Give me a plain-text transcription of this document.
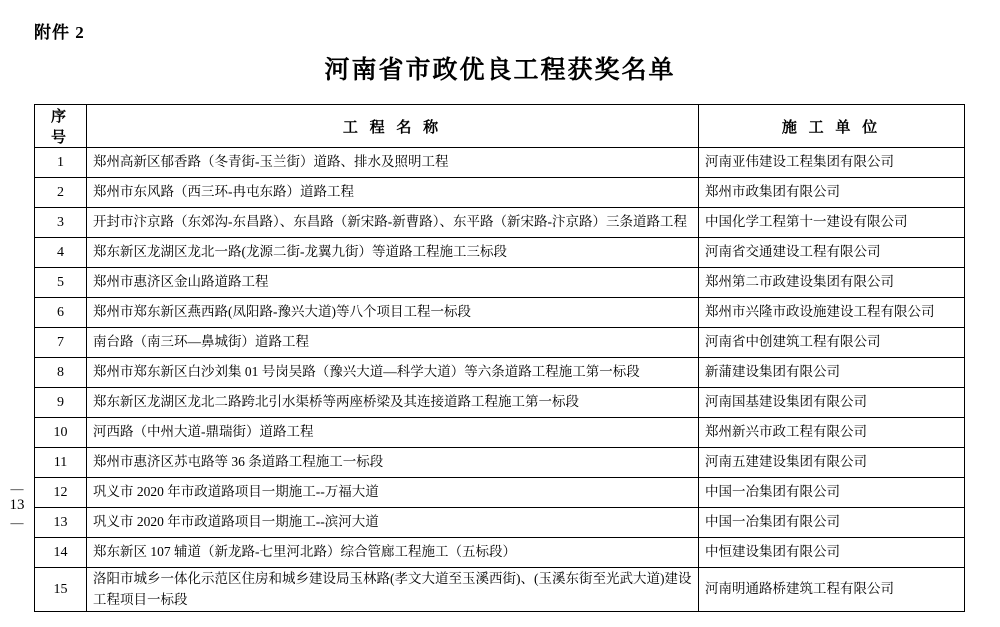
附件 2
河南省市政优良工程获奖名单
—
13
—
序 号	工 程 名 称	施 工 单 位
1	郑州高新区郁香路（冬青街-玉兰街）道路、排水及照明工程	河南亚伟建设工程集团有限公司
2	郑州市东风路（西三环-冉屯东路）道路工程	郑州市政集团有限公司
3	开封市汴京路（东郊沟-东昌路）、东昌路（新宋路-新曹路）、东平路（新宋路-汴京路）三条道路工程	中国化学工程第十一建设有限公司
4	郑东新区龙湖区龙北一路(龙源二街-龙翼九街）等道路工程施工三标段	河南省交通建设工程有限公司
5	郑州市惠济区金山路道路工程	郑州第二市政建设集团有限公司
6	郑州市郑东新区燕西路(凤阳路-豫兴大道)等八个项目工程一标段	郑州市兴隆市政设施建设工程有限公司
7	南台路（南三环—鼻城街）道路工程	河南省中创建筑工程有限公司
8	郑州市郑东新区白沙刘集 01 号岗吴路（豫兴大道—科学大道）等六条道路工程施工第一标段	新蒲建设集团有限公司
9	郑东新区龙湖区龙北二路跨北引水渠桥等两座桥梁及其连接道路工程施工第一标段	河南国基建设集团有限公司
10	河西路（中州大道-鼎瑞街）道路工程	郑州新兴市政工程有限公司
11	郑州市惠济区苏屯路等 36 条道路工程施工一标段	河南五建建设集团有限公司
12	巩义市 2020 年市政道路项目一期施工--万福大道	中国一冶集团有限公司
13	巩义市 2020 年市政道路项目一期施工--滨河大道	中国一冶集团有限公司
14	郑东新区 107 辅道（新龙路-七里河北路）综合管廊工程施工（五标段）	中恒建设集团有限公司
15	洛阳市城乡一体化示范区住房和城乡建设局玉林路(孝文大道至玉溪西街)、(玉溪东街至光武大道)建设工程项目一标段	河南明通路桥建筑工程有限公司
